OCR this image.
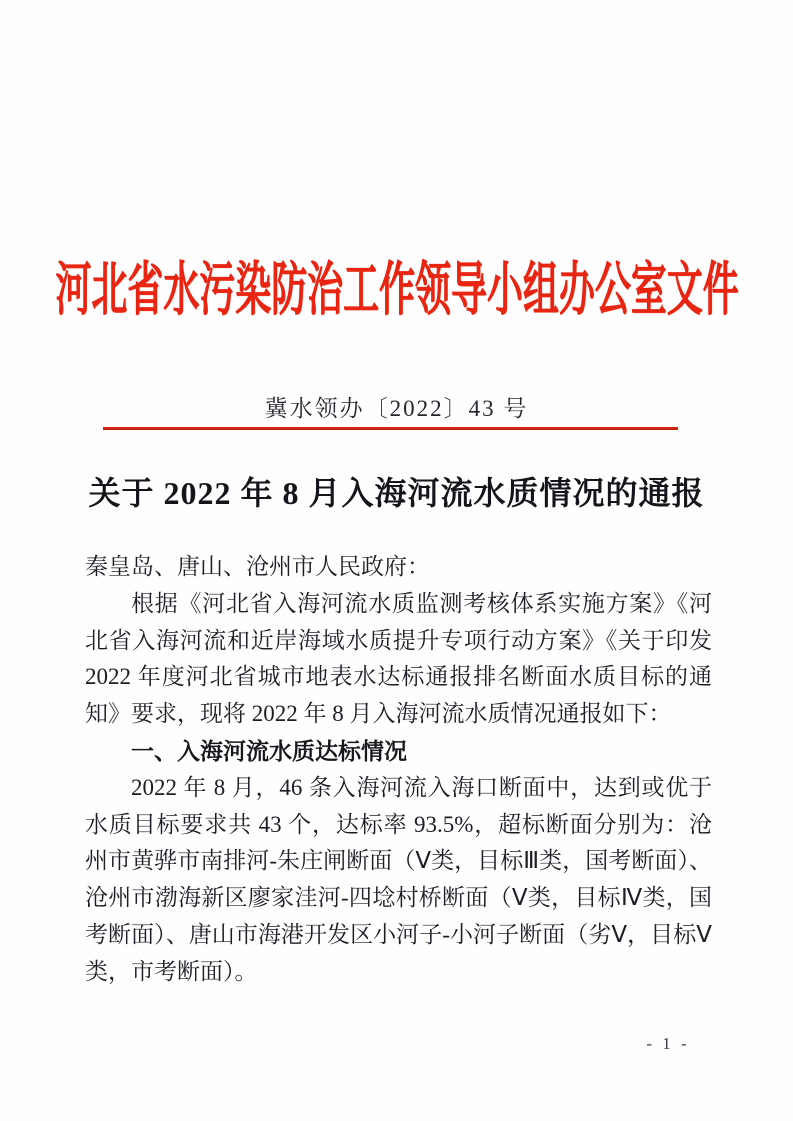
河北省水污染防治工作领导小组办公室文件
冀水领办〔2022〕43 号
关于 2022 年 8 月入海河流水质情况的通报

秦皇岛、唐山、沧州市人民政府：

根据《河北省入海河流水质监测考核体系实施方案》《河北省入海河流和近岸海域水质提升专项行动方案》《关于印发 2022 年度河北省城市地表水达标通报排名断面水质目标的通知》要求，现将 2022 年 8 月入海河流水质情况通报如下：

一、入海河流水质达标情况

2022 年 8 月，46 条入海河流入海口断面中，达到或优于水质目标要求共 43 个，达标率 93.5%，超标断面分别为：沧州市黄骅市南排河-朱庄闸断面（Ⅴ类，目标Ⅲ类，国考断面）、沧州市渤海新区廖家洼河-四埝村桥断面（Ⅴ类，目标Ⅳ类，国考断面）、唐山市海港开发区小河子-小河子断面（劣Ⅴ，目标Ⅴ类，市考断面）。

- 1 -
